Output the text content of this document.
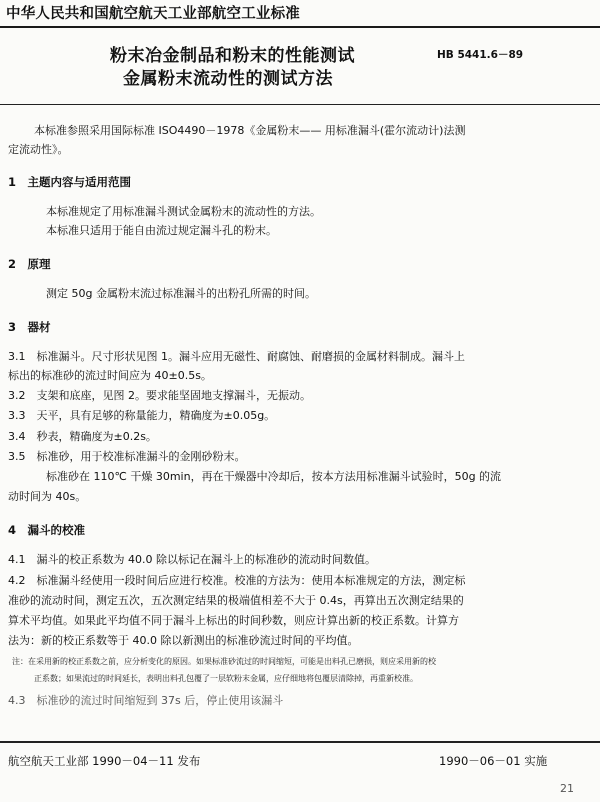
中华人民共和国航空航天工业部航空工业标准
粉末冶金制品和粉末的性能测试
金属粉末流动性的测试方法
HB 5441.6－89
本标准参照采用国际标准 ISO4490－1978《金属粉末—— 用标准漏斗(霍尔流动计)法测
定流动性》。
1　主题内容与适用范围
本标准规定了用标准漏斗测试金属粉末的流动性的方法。
本标准只适用于能自由流过规定漏斗孔的粉末。
2　原理
测定 50g 金属粉末流过标准漏斗的出粉孔所需的时间。
3　器材
3.1　标准漏斗。尺寸形状见图 1。漏斗应用无磁性、耐腐蚀、耐磨损的金属材料制成。漏斗上
标出的标准砂的流过时间应为 40±0.5s。
3.2　支架和底座，见图 2。要求能坚固地支撑漏斗，无振动。
3.3　天平，具有足够的称量能力，精确度为±0.05g。
3.4　秒表，精确度为±0.2s。
3.5　标准砂，用于校准标准漏斗的金刚砂粉末。
标准砂在 110℃ 干燥 30min，再在干燥器中冷却后，按本方法用标准漏斗试验时，50g 的流
动时间为 40s。
4　漏斗的校准
4.1　漏斗的校正系数为 40.0 除以标记在漏斗上的标准砂的流动时间数值。
4.2　标准漏斗经使用一段时间后应进行校准。校准的方法为：使用本标准规定的方法，测定标
准砂的流动时间，测定五次，五次测定结果的极端值相差不大于 0.4s，再算出五次测定结果的
算术平均值。如果此平均值不同于漏斗上标出的时间秒数，则应计算出新的校正系数。计算方
法为：新的校正系数等于 40.0 除以新测出的标准砂流过时间的平均值。
注：在采用新的校正系数之前，应分析变化的原因。如果标准砂流过的时间缩短，可能是出料孔已磨损，则应采用新的校
正系数；如果流过的时间延长，表明出料孔包覆了一层软粉末金属，应仔细地将包覆层清除掉，再重新校准。
4.3　标准砂的流过时间缩短到 37s 后，停止使用该漏斗
航空航天工业部 1990－04－11 发布	1990－06－01 实施
21
